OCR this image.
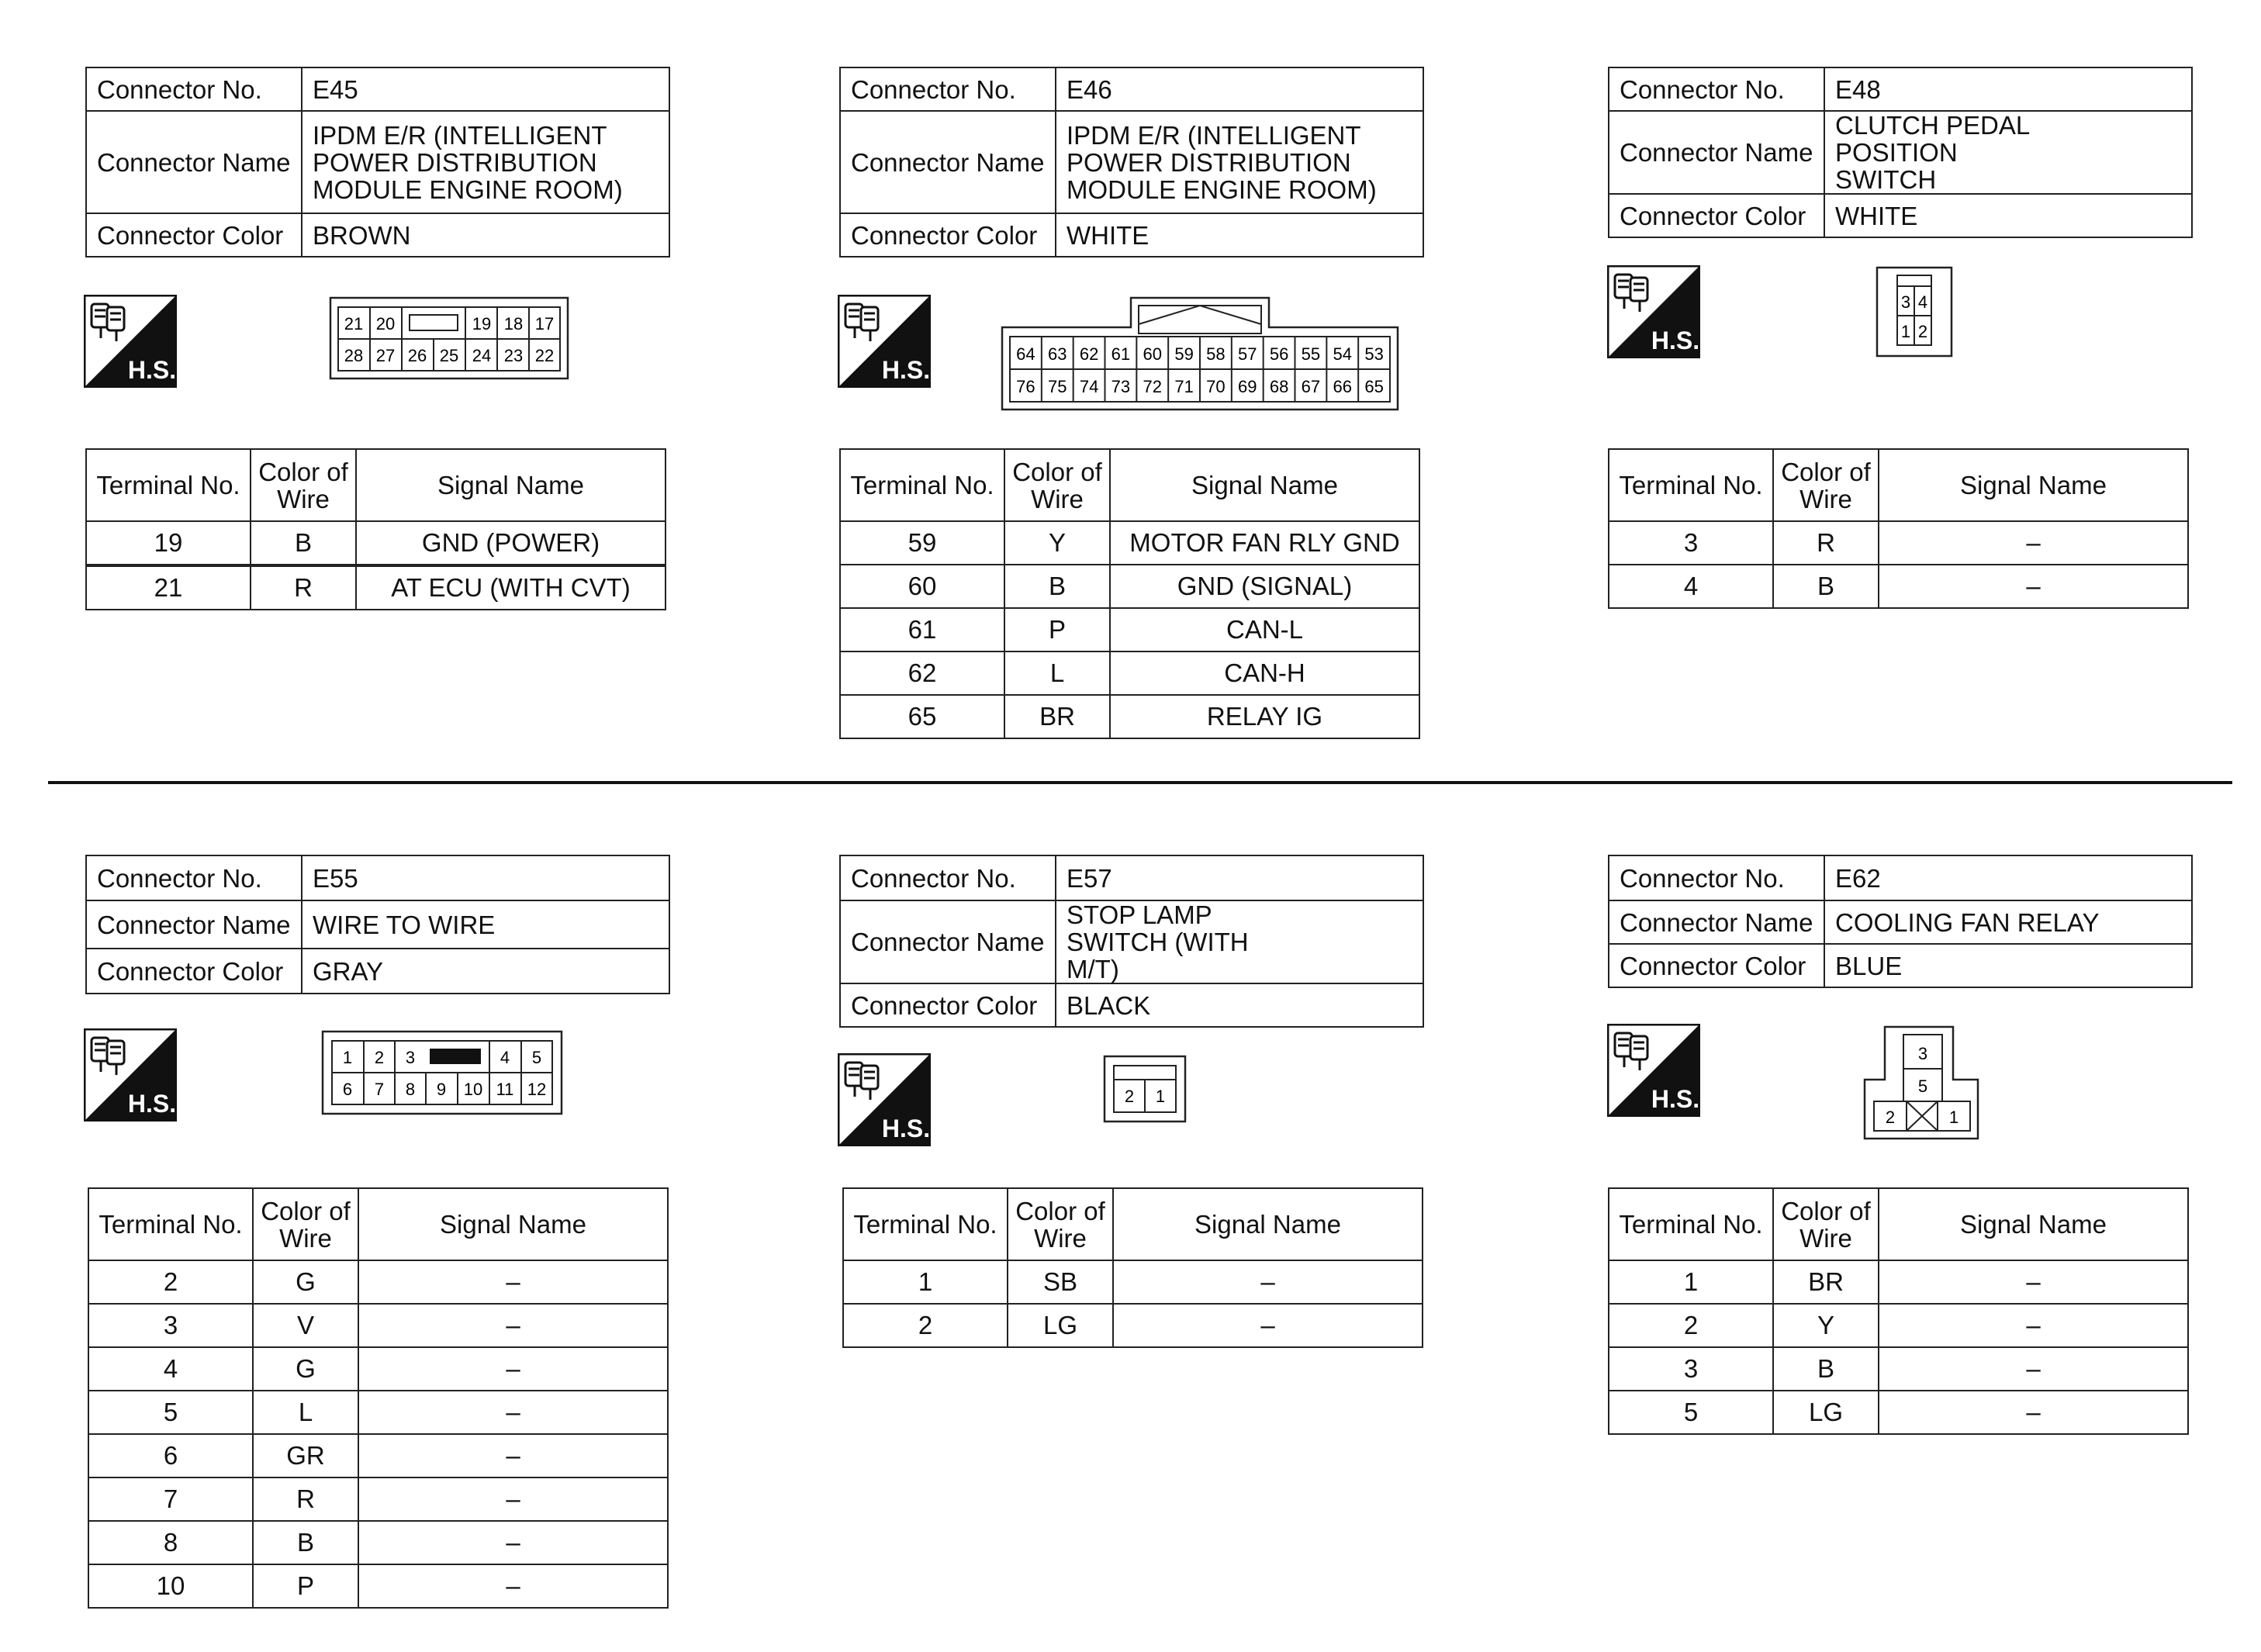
Connector No.	E45
Connector Name	IPDM E/R (INTELLIGENT POWER DISTRIBUTION MODULE ENGINE ROOM)
Connector Color	BROWN
H.S.
21 20	19 18 17
28 27 26 25 24 23 22
Terminal No.	Color of Wire	Signal Name
19	B	GND (POWER)
21	R	AT ECU (WITH CVT)
Connector No.	E46
Connector Name	IPDM E/R (INTELLIGENT POWER DISTRIBUTION MODULE ENGINE ROOM)
Connector Color	WHITE
H.S.
64 63 62 61 60 59 58 57 56 55 54 53
76 75 74 73 72 71 70 69 68 67 66 65
Terminal No.	Color of Wire	Signal Name
59	Y	MOTOR FAN RLY GND
60	B	GND (SIGNAL)
61	P	CAN-L
62	L	CAN-H
65	BR	RELAY IG
Connector No.	E48
Connector Name	CLUTCH PEDAL POSITION SWITCH
Connector Color	WHITE
H.S.
3 4
1 2
Terminal No.	Color of Wire	Signal Name
3	R	–
4	B	–
Connector No.	E55
Connector Name	WIRE TO WIRE
Connector Color	GRAY
H.S.
1 2 3	4 5
6 7 8 9 10 11 12
Terminal No.	Color of Wire	Signal Name
2	G	–
3	V	–
4	G	–
5	L	–
6	GR	–
7	R	–
8	B	–
10	P	–
Connector No.	E57
Connector Name	STOP LAMP SWITCH (WITH M/T)
Connector Color	BLACK
H.S.
2 1
Terminal No.	Color of Wire	Signal Name
1	SB	–
2	LG	–
Connector No.	E62
Connector Name	COOLING FAN RELAY
Connector Color	BLUE
H.S.
3
5
2	1
Terminal No.	Color of Wire	Signal Name
1	BR	–
2	Y	–
3	B	–
5	LG	–
